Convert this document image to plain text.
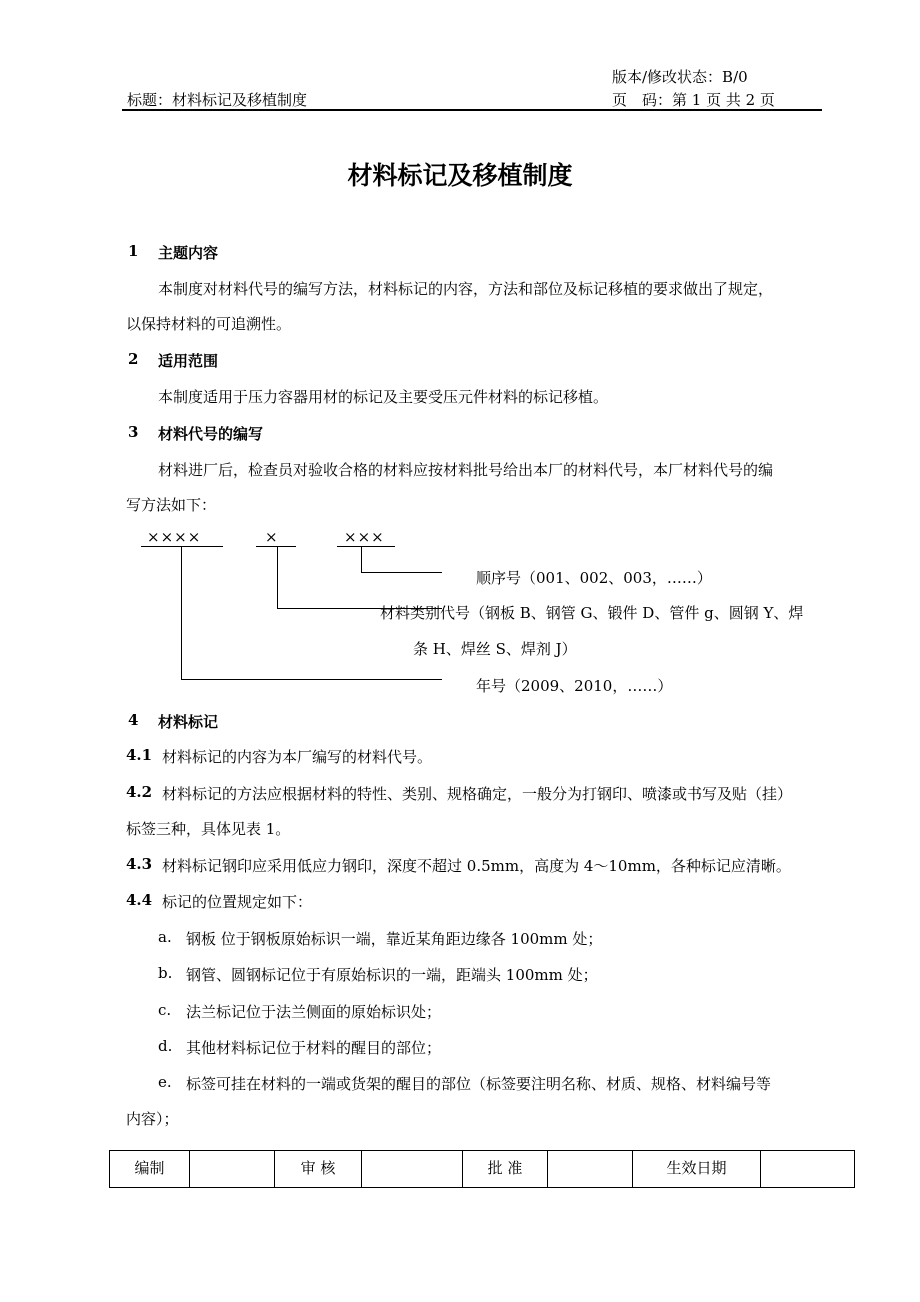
版本/修改状态：B/0
标题：材料标记及移植制度	页　码：第 1 页 共 2 页
材料标记及移植制度
1 主题内容
本制度对材料代号的编写方法，材料标记的内容，方法和部位及标记移植的要求做出了规定，
以保持材料的可追溯性。
2 适用范围
本制度适用于压力容器用材的标记及主要受压元件材料的标记移植。
3 材料代号的编写
材料进厂后，检查员对验收合格的材料应按材料批号给出本厂的材料代号，本厂材料代号的编
写方法如下：
××××	×	×××
顺序号（001、002、003，……）
材料类别代号（钢板 B、钢管 G、锻件 D、管件 g、圆钢 Y、焊
条 H、焊丝 S、焊剂 J）
年号（2009、2010，……）
4 材料标记
4.1 材料标记的内容为本厂编写的材料代号。
4.2 材料标记的方法应根据材料的特性、类别、规格确定，一般分为打钢印、喷漆或书写及贴（挂）
标签三种，具体见表 1。
4.3 材料标记钢印应采用低应力钢印，深度不超过 0.5mm，高度为 4～10mm，各种标记应清晰。
4.4 标记的位置规定如下：
a. 钢板 位于钢板原始标识一端，靠近某角距边缘各 100mm 处；
b. 钢管、圆钢标记位于有原始标识的一端，距端头 100mm 处；
c. 法兰标记位于法兰侧面的原始标识处；
d. 其他材料标记位于材料的醒目的部位；
e. 标签可挂在材料的一端或货架的醒目的部位（标签要注明名称、材质、规格、材料编号等
内容）；
编制		审 核		批 准		生效日期	
